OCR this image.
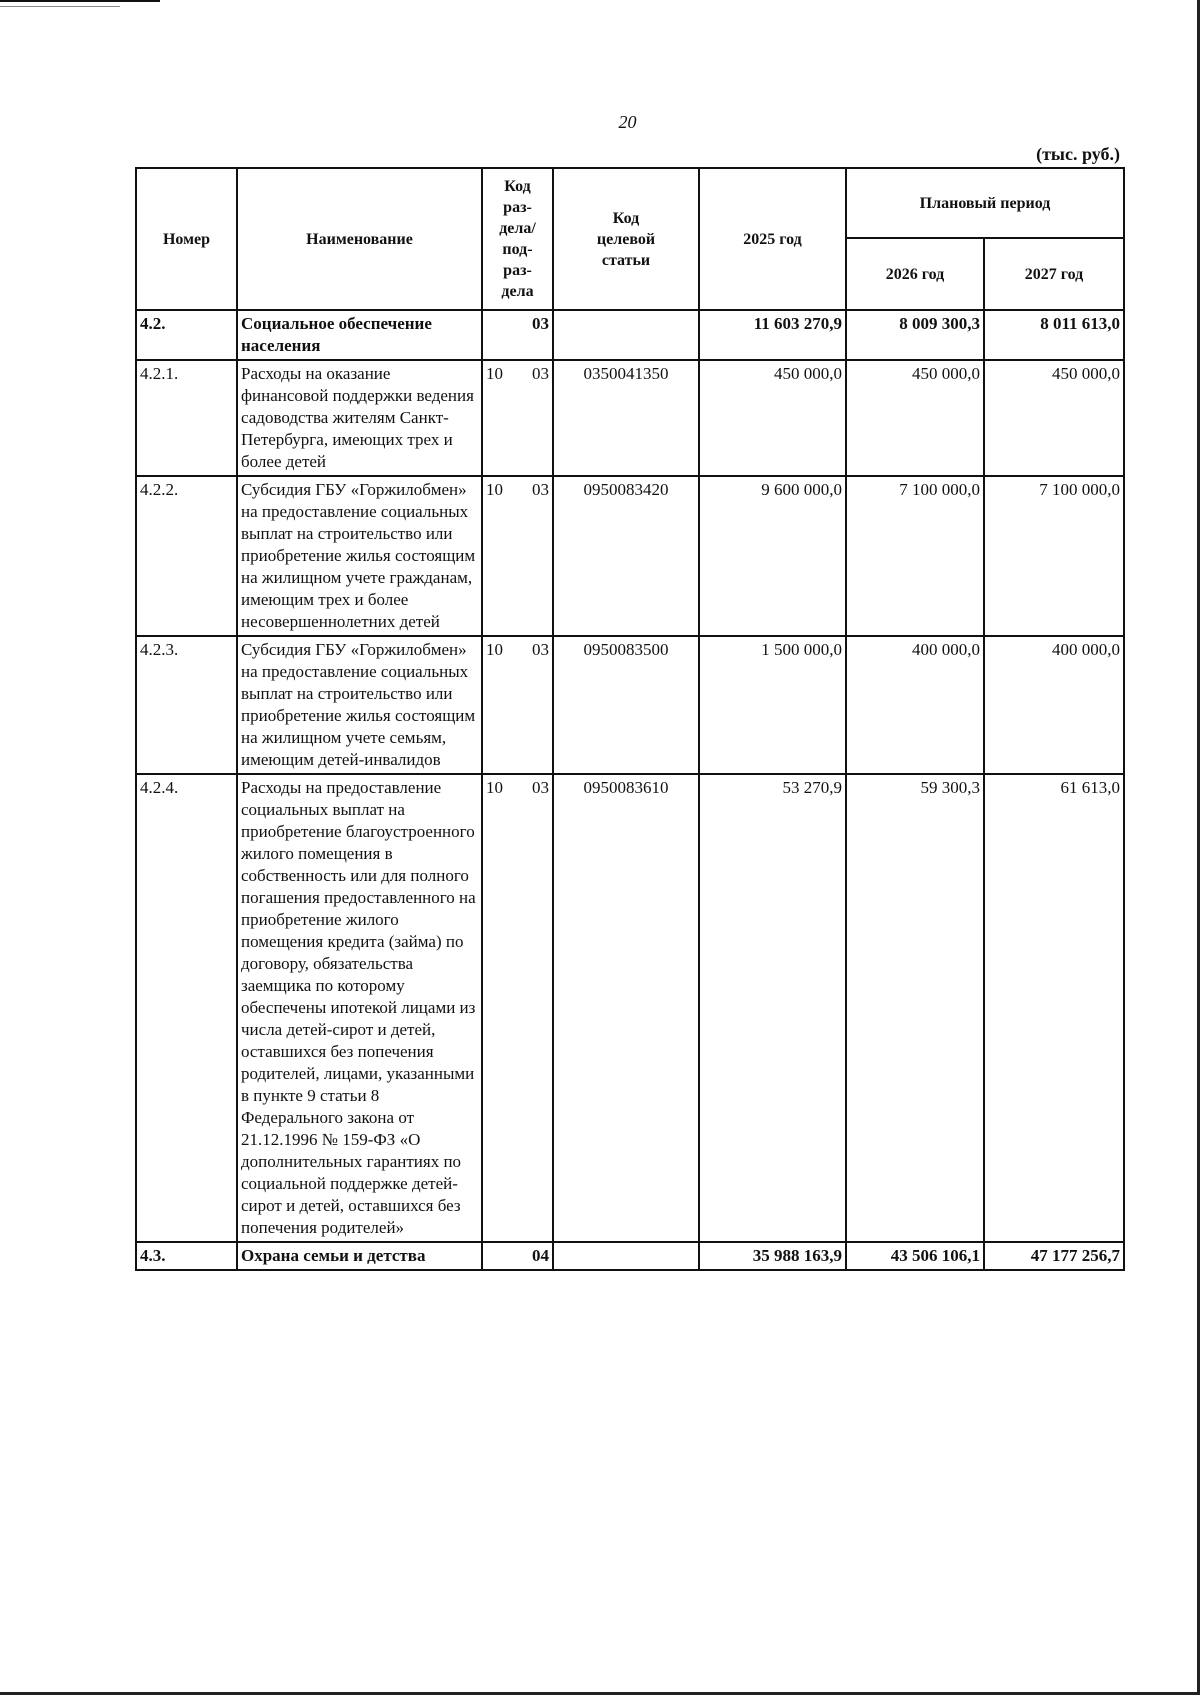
20
(тыс. руб.)
Номер	Наименование	Код раз- дела/ под- раз- дела	Код целевой статьи	2025 год	Плановый период	
					2026 год	2027 год
4.2.	Социальное обеспечение населения	03		11 603 270,9	8 009 300,3	8 011 613,0
4.2.1.	Расходы на оказание финансовой поддержки ведения садоводства жителям Санкт-Петербурга, имеющих трех и более детей	10 03	0350041350	450 000,0	450 000,0	450 000,0
4.2.2.	Субсидия ГБУ «Горжилобмен» на предоставление социальных выплат на строительство или приобретение жилья состоящим на жилищном учете гражданам, имеющим трех и более несовершеннолетних детей	10 03	0950083420	9 600 000,0	7 100 000,0	7 100 000,0
4.2.3.	Субсидия ГБУ «Горжилобмен» на предоставление социальных выплат на строительство или приобретение жилья состоящим на жилищном учете семьям, имеющим детей-инвалидов	10 03	0950083500	1 500 000,0	400 000,0	400 000,0
4.2.4.	Расходы на предоставление социальных выплат на приобретение благоустроенного жилого помещения в собственность или для полного погашения предоставленного на приобретение жилого помещения кредита (займа) по договору, обязательства заемщика по которому обеспечены ипотекой лицами из числа детей-сирот и детей, оставшихся без попечения родителей, лицами, указанными в пункте 9 статьи 8 Федерального закона от 21.12.1996 № 159-ФЗ «О дополнительных гарантиях по социальной поддержке детей-сирот и детей, оставшихся без попечения родителей»	10 03	0950083610	53 270,9	59 300,3	61 613,0
4.3.	Охрана семьи и детства	04		35 988 163,9	43 506 106,1	47 177 256,7
